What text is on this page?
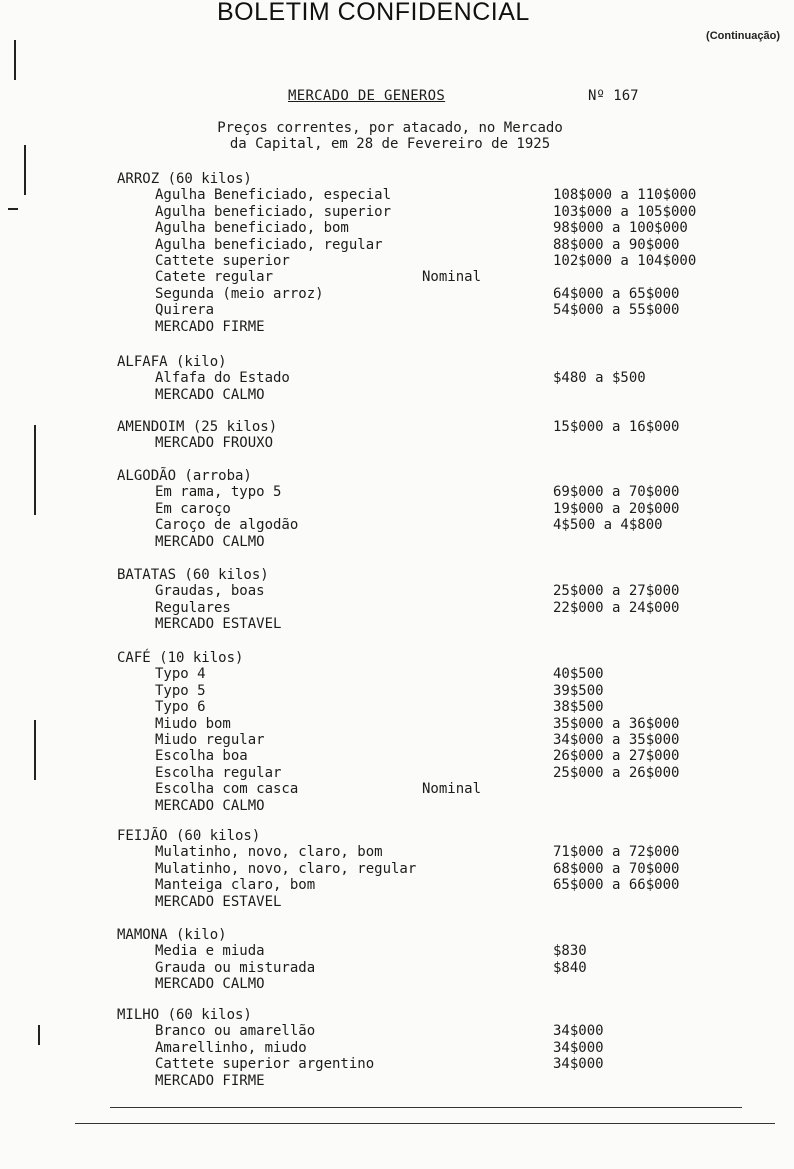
BOLETIM CONFIDENCIAL
(Continuação)
MERCADO DE GENEROS	Nº 167
Preços correntes, por atacado, no Mercado
da Capital, em 28 de Fevereiro de 1925
ARROZ (60 kilos)
Agulha Beneficiado, especial	108$000 a 110$000
Agulha beneficiado, superior	103$000 a 105$000
Agulha beneficiado, bom	98$000 a 100$000
Agulha beneficiado, regular	88$000 a 90$000
Cattete superior	102$000 a 104$000
Catete regular	Nominal
Segunda (meio arroz)	64$000 a 65$000
Quirera	54$000 a 55$000
MERCADO FIRME
ALFAFA (kilo)
Alfafa do Estado	$480 a $500
MERCADO CALMO
AMENDOIM (25 kilos)	15$000 a 16$000
MERCADO FROUXO
ALGODÃO (arroba)
Em rama, typo 5	69$000 a 70$000
Em caroço	19$000 a 20$000
Caroço de algodão	4$500 a 4$800
MERCADO CALMO
BATATAS (60 kilos)
Graudas, boas	25$000 a 27$000
Regulares	22$000 a 24$000
MERCADO ESTAVEL
CAFÉ (10 kilos)
Typo 4	40$500
Typo 5	39$500
Typo 6	38$500
Miudo bom	35$000 a 36$000
Miudo regular	34$000 a 35$000
Escolha boa	26$000 a 27$000
Escolha regular	25$000 a 26$000
Escolha com casca	Nominal
MERCADO CALMO
FEIJÃO (60 kilos)
Mulatinho, novo, claro, bom	71$000 a 72$000
Mulatinho, novo, claro, regular	68$000 a 70$000
Manteiga claro, bom	65$000 a 66$000
MERCADO ESTAVEL
MAMONA (kilo)
Media e miuda	$830
Grauda ou misturada	$840
MERCADO CALMO
MILHO (60 kilos)
Branco ou amarellão	34$000
Amarellinho, miudo	34$000
Cattete superior argentino	34$000
MERCADO FIRME
